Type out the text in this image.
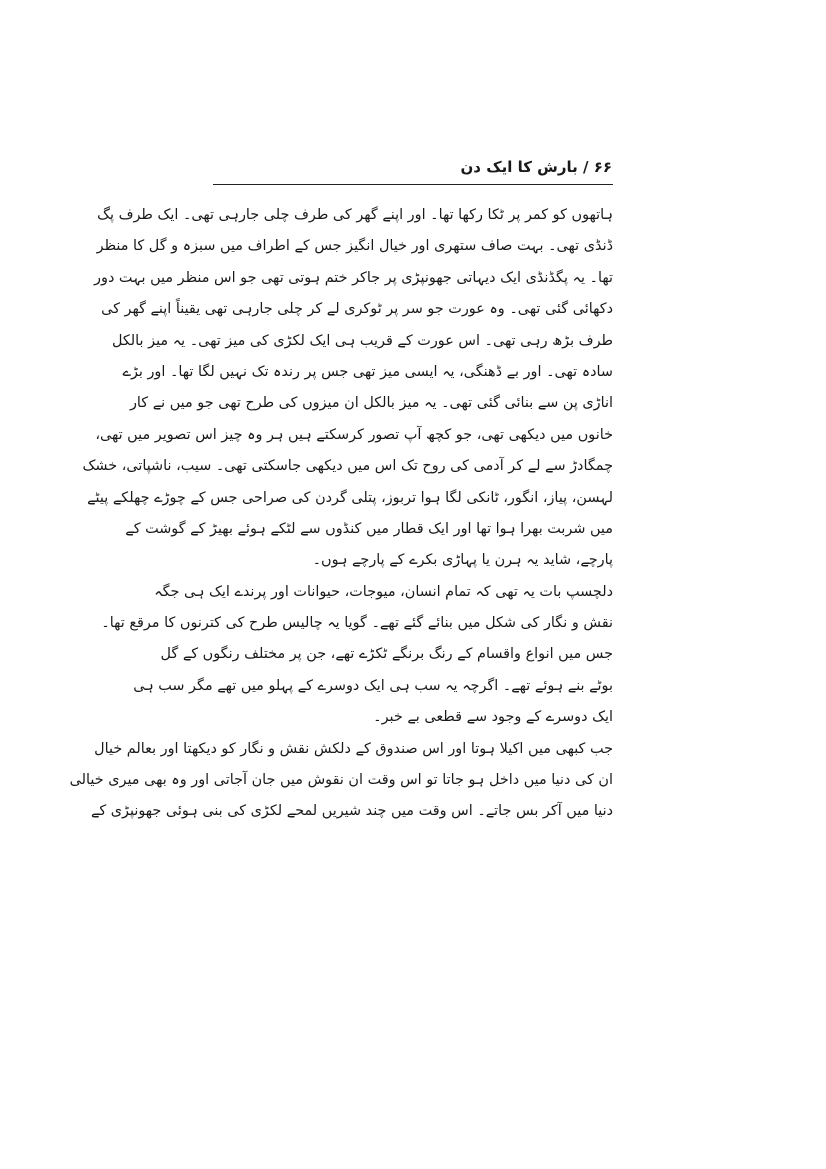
۶۶ / بارش کا ایک دن
ہاتھوں کو کمر پر ٹکا رکھا تھا۔ اور اپنے گھر کی طرف چلی جارہی تھی۔ ایک طرف پگ
ڈنڈی تھی۔ بہت صاف ستھری اور خیال انگیز جس کے اطراف میں سبزہ و گل کا منظر
تھا۔ یہ پگڈنڈی ایک دیہاتی جھونپڑی پر جاکر ختم ہوتی تھی جو اس منظر میں بہت دور
دکھائی گئی تھی۔ وہ عورت جو سر پر ٹوکری لے کر چلی جارہی تھی یقیناً اپنے گھر کی
طرف بڑھ رہی تھی۔ اس عورت کے قریب ہی ایک لکڑی کی میز تھی۔ یہ میز بالکل
سادہ تھی۔ اور بے ڈھنگی، یہ ایسی میز تھی جس پر رندہ تک نہیں لگا تھا۔ اور بڑے
اناڑی پن سے بنائی گئی تھی۔ یہ میز بالکل ان میزوں کی طرح تھی جو میں نے کار
خانوں میں دیکھی تھی، جو کچھ آپ تصور کرسکتے ہیں ہر وہ چیز اس تصویر میں تھی،
چمگادڑ سے لے کر آدمی کی روح تک اس میں دیکھی جاسکتی تھی۔ سیب، ناشپاتی، خشک
لہسن، پیاز، انگور، ٹانکی لگا ہوا تربوز، پتلی گردن کی صراحی جس کے چوڑے چھلکے پیٹے
میں شربت بھرا ہوا تھا اور ایک قطار میں کنڈوں سے لٹکے ہوئے بھیڑ کے گوشت کے
پارچے، شاید یہ ہرن یا پہاڑی بکرے کے پارچے ہوں۔
دلچسپ بات یہ تھی کہ تمام انسان، میوجات، حیوانات اور پرندے ایک ہی جگہ
نقش و نگار کی شکل میں بنائے گئے تھے۔ گویا یہ چالیس طرح کی کترنوں کا مرقع تھا۔
جس میں انواع واقسام کے رنگ برنگے ٹکڑے تھے، جن پر مختلف رنگوں کے گل
بوٹے بنے ہوئے تھے۔ اگرچہ یہ سب ہی ایک دوسرے کے پہلو میں تھے مگر سب ہی
ایک دوسرے کے وجود سے قطعی بے خبر۔
جب کبھی میں اکیلا ہوتا اور اس صندوق کے دلکش نقش و نگار کو دیکھتا اور بعالم خیال
ان کی دنیا میں داخل ہو جاتا تو اس وقت ان نقوش میں جان آجاتی اور وہ بھی میری خیالی
دنیا میں آکر بس جاتے۔ اس وقت میں چند شیریں لمحے لکڑی کی بنی ہوئی جھونپڑی کے
